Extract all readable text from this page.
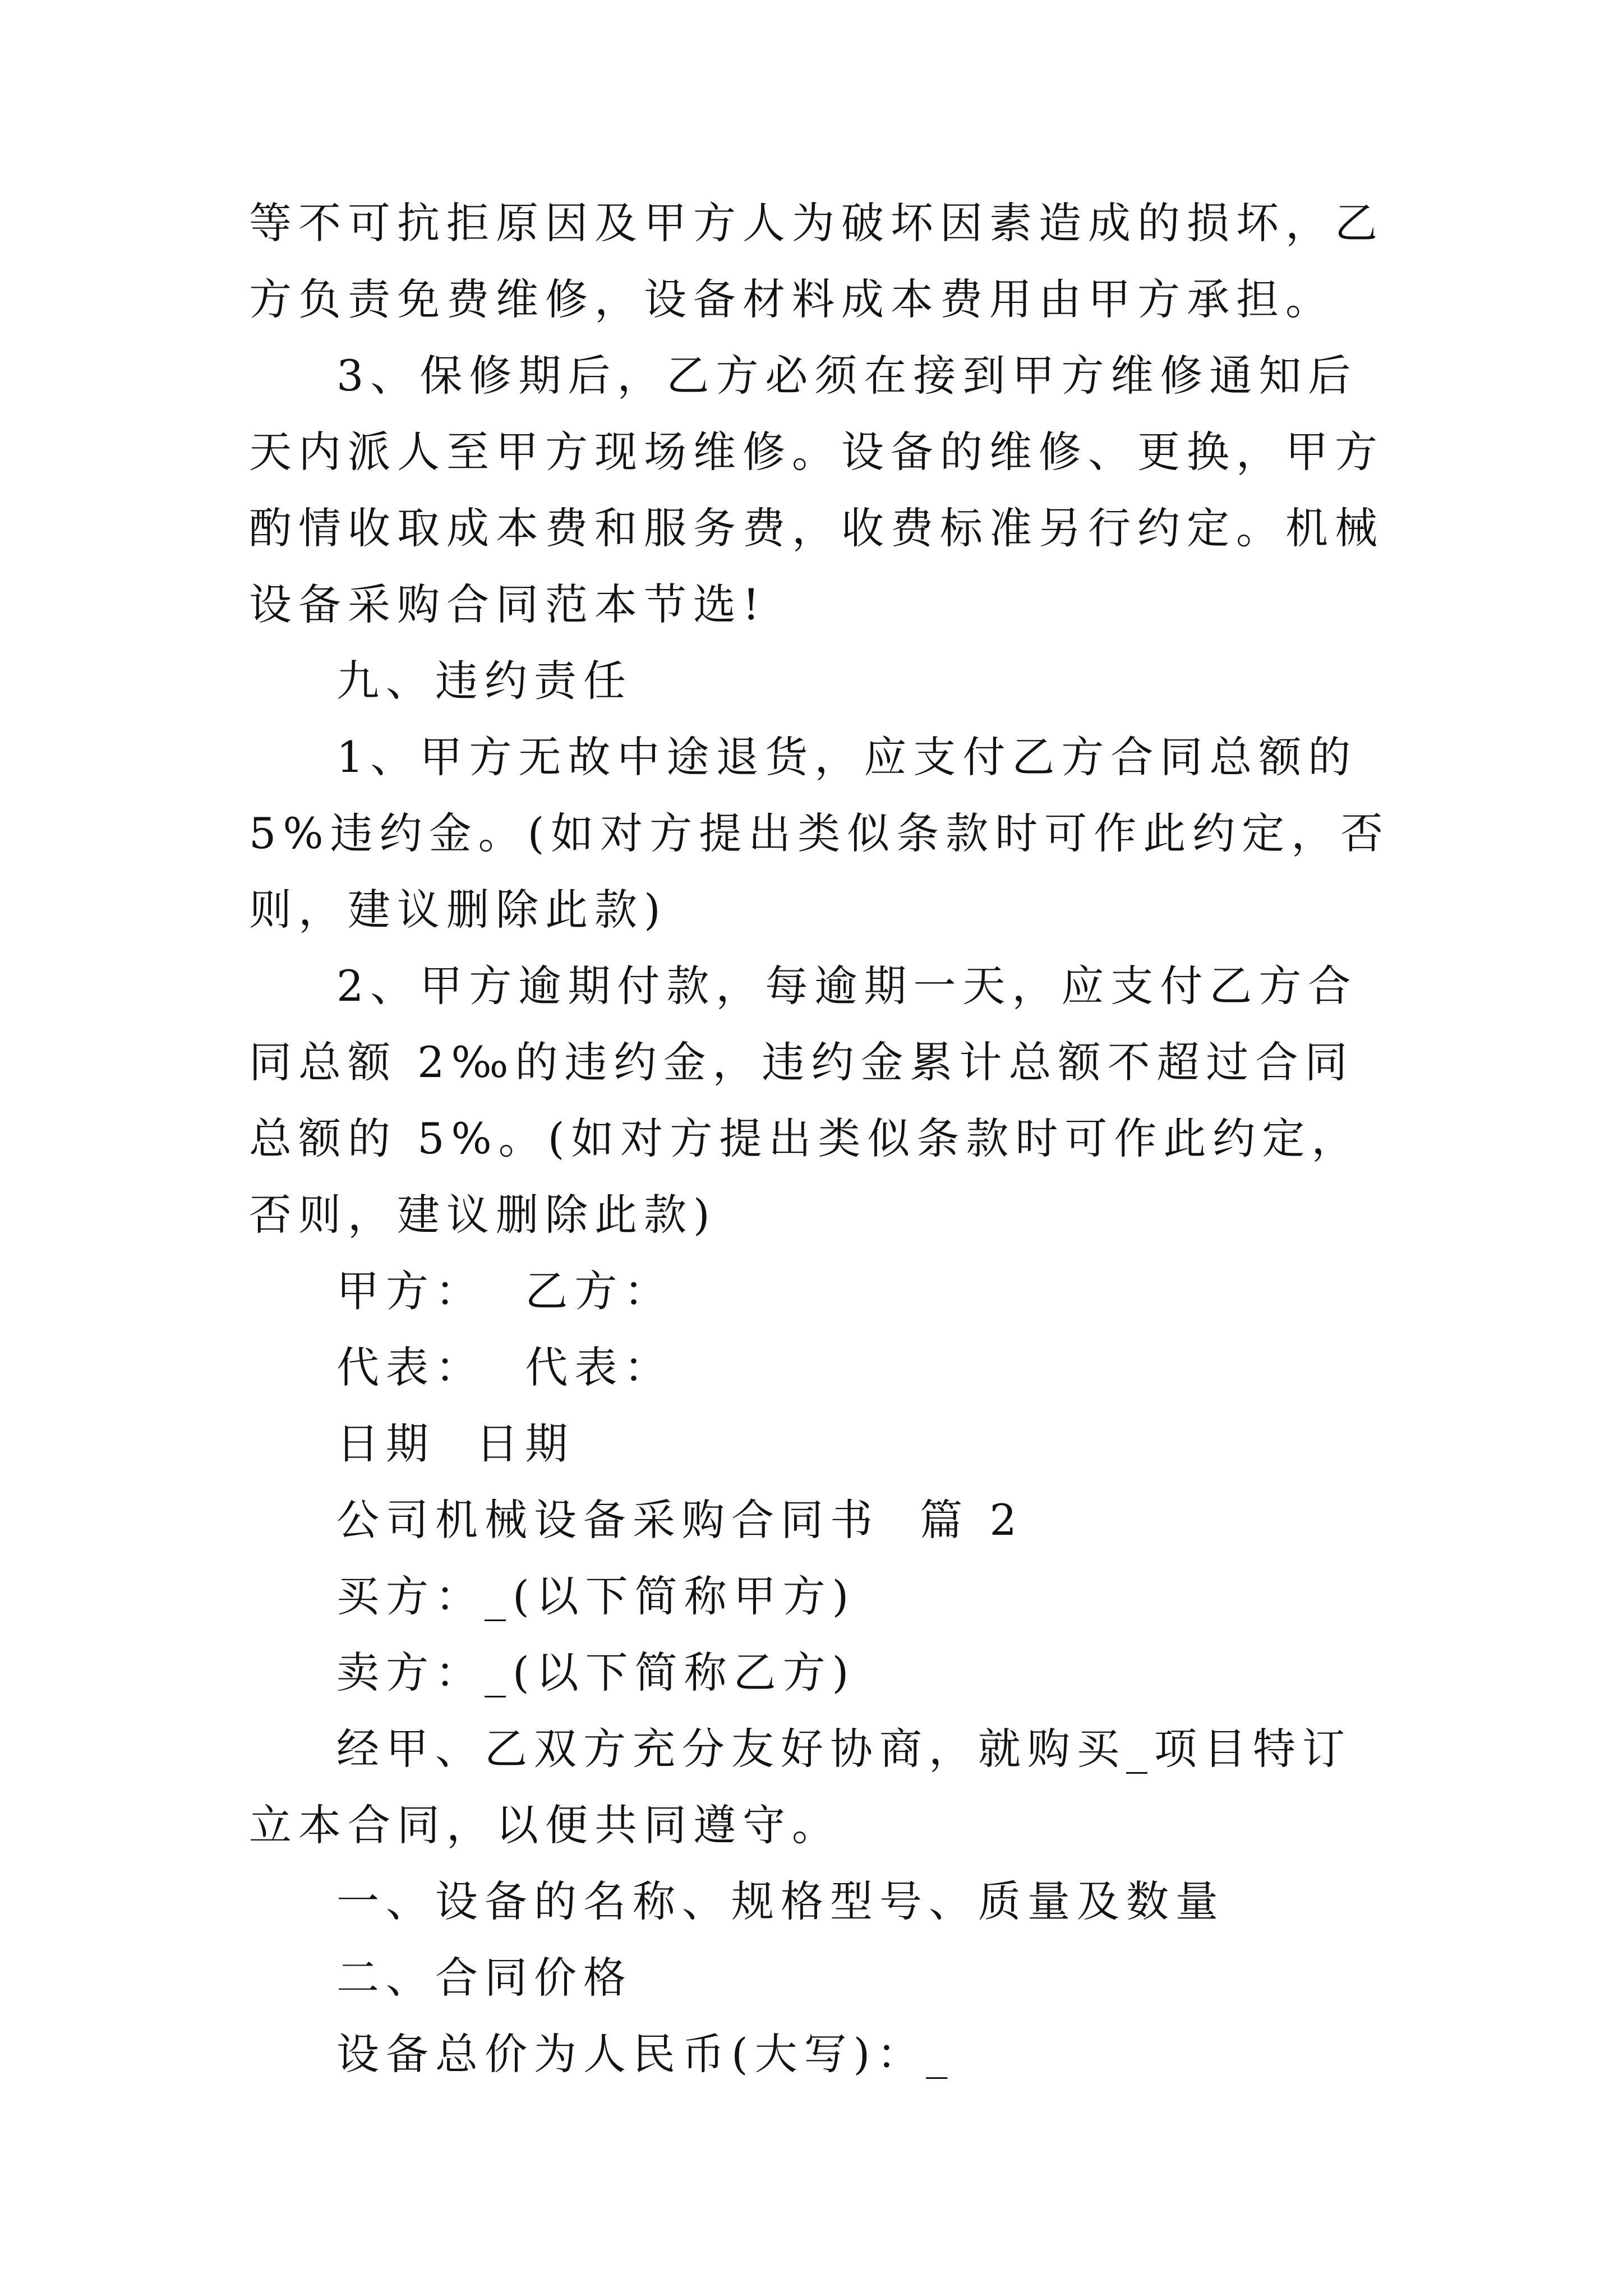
等不可抗拒原因及甲方人为破坏因素造成的损坏，乙方负责免费维修，设备材料成本费用由甲方承担。

3、保修期后，乙方必须在接到甲方维修通知后天内派人至甲方现场维修。设备的维修、更换，甲方酌情收取成本费和服务费，收费标准另行约定。机械设备采购合同范本节选!

九、违约责任

1、甲方无故中途退货，应支付乙方合同总额的 5%违约金。(如对方提出类似条款时可作此约定，否则，建议删除此款)

2、甲方逾期付款，每逾期一天，应支付乙方合同总额 2‰的违约金，违约金累计总额不超过合同总额的 5%。(如对方提出类似条款时可作此约定，否则，建议删除此款)

甲方：  乙方：

代表：  代表：

日期  日期

公司机械设备采购合同书  篇 2

买方：_(以下简称甲方)

卖方：_(以下简称乙方)

经甲、乙双方充分友好协商，就购买_项目特订立本合同，以便共同遵守。

一、设备的名称、规格型号、质量及数量

二、合同价格

设备总价为人民币(大写)：_
